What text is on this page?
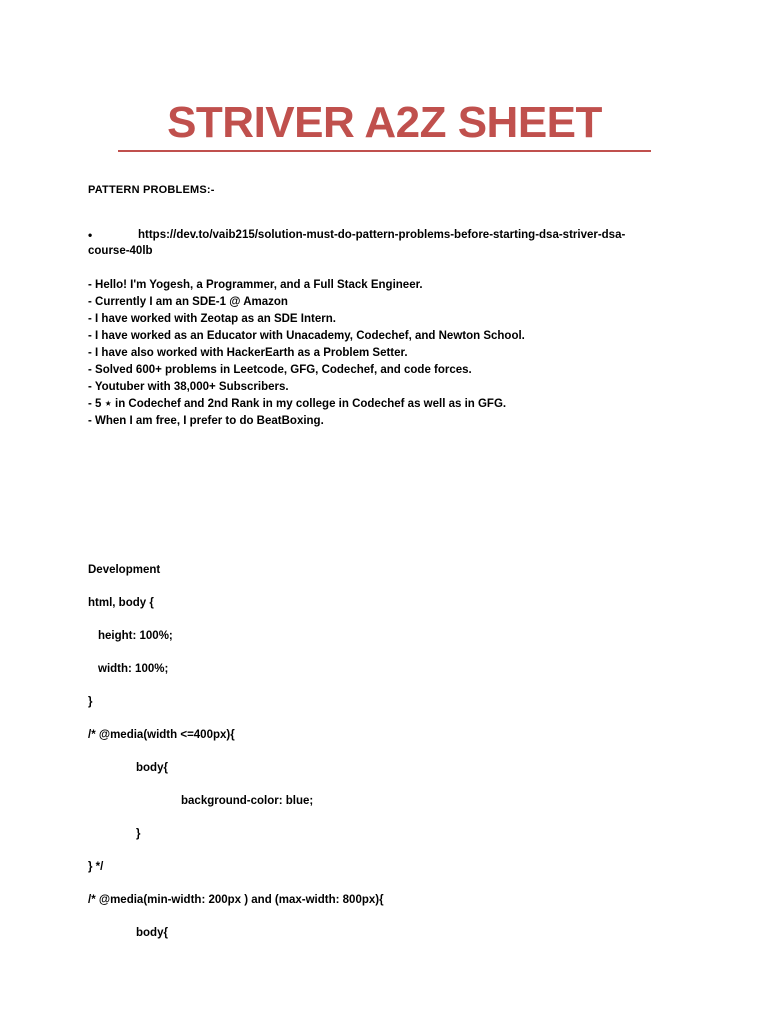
STRIVER A2Z SHEET
PATTERN PROBLEMS:-
•	https://dev.to/vaib215/solution-must-do-pattern-problems-before-starting-dsa-striver-dsa-
course-40lb
- Hello! I'm Yogesh, a Programmer, and a Full Stack Engineer.
- Currently I am an SDE-1 @ Amazon
- I have worked with Zeotap as an SDE Intern.
- I have worked as an Educator with Unacademy, Codechef, and Newton School.
- I have also worked with HackerEarth as a Problem Setter.
- Solved 600+ problems in Leetcode, GFG, Codechef, and code forces.
- Youtuber with 38,000+ Subscribers.
- 5 ⋆ in Codechef and 2nd Rank in my college in Codechef as well as in GFG.
- When I am free, I prefer to do BeatBoxing.
Development
html, body {
height: 100%;
width: 100%;
}
/* @media(width <=400px){
body{
background-color: blue;
}
} */
/* @media(min-width: 200px ) and (max-width: 800px){
body{
